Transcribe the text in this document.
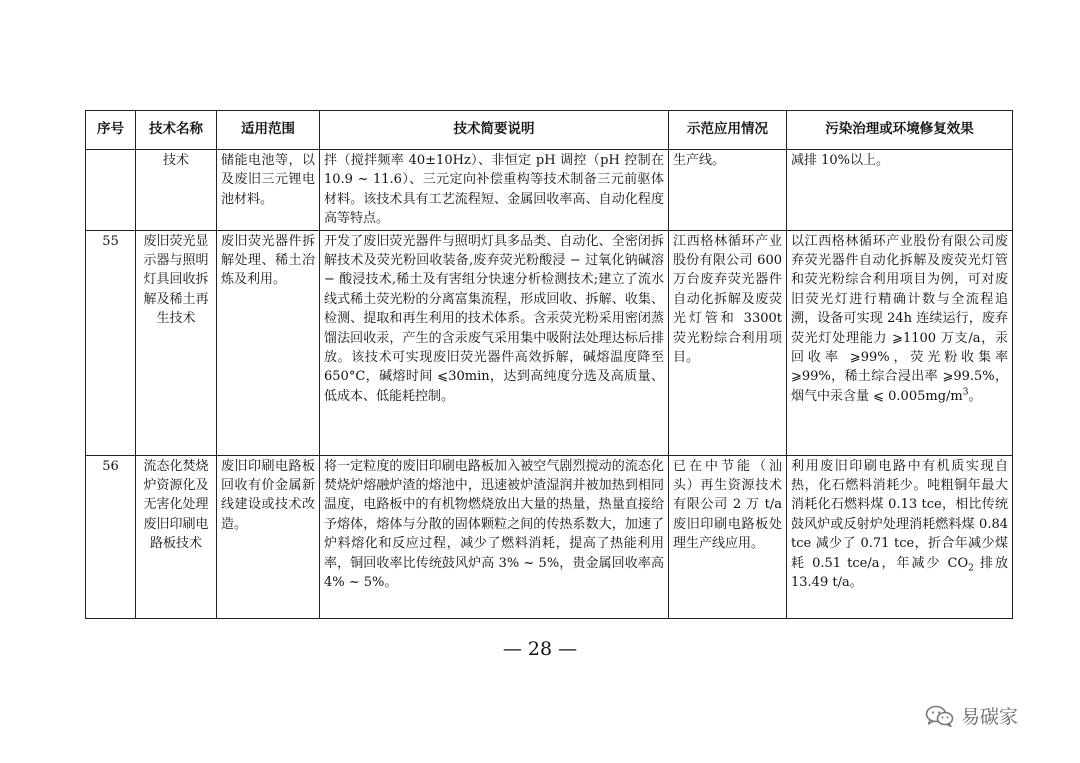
序号	技术名称	适用范围	技术简要说明	示范应用情况	污染治理或环境修复效果
	技术	储能电池等，以及废旧三元锂电池材料。	拌（搅拌频率 40±10Hz）、非恒定 pH 调控（pH 控制在 10.9 ~ 11.6）、三元定向补偿重构等技术制备三元前驱体材料。该技术具有工艺流程短、金属回收率高、自动化程度高等特点。	生产线。	减排 10%以上。
55	废旧荧光显示器与照明灯具回收拆解及稀土再生技术	废旧荧光器件拆解处理、稀土冶炼及利用。	开发了废旧荧光器件与照明灯具多品类、自动化、全密闭拆解技术及荧光粉回收装备,废弃荧光粉酸浸 − 过氧化钠碱溶 − 酸浸技术,稀土及有害组分快速分析检测技术;建立了流水线式稀土荧光粉的分离富集流程，形成回收、拆解、收集、检测、提取和再生利用的技术体系。含汞荧光粉采用密闭蒸馏法回收汞，产生的含汞废气采用集中吸附法处理达标后排放。该技术可实现废旧荧光器件高效拆解，碱熔温度降至 650°C，碱熔时间 ⩽30min，达到高纯度分选及高质量、低成本、低能耗控制。	江西格林循环产业股份有限公司 600 万台废弃荧光器件自动化拆解及废荧光灯管和 3300t 荧光粉综合利用项目。	以江西格林循环产业股份有限公司废弃荧光器件自动化拆解及废荧光灯管和荧光粉综合利用项目为例，可对废旧荧光灯进行精确计数与全流程追溯，设备可实现 24h 连续运行，废弃荧光灯处理能力 ⩾1100 万支/a，汞回收率 ⩾99%，荧光粉收集率 ⩾99%，稀土综合浸出率 ⩾99.5%，烟气中汞含量 ⩽ $0.005mg/m^3$。
56	流态化焚烧炉资源化及无害化处理废旧印刷电路板技术	废旧印刷电路板回收有价金属新线建设或技术改造。	将一定粒度的废旧印刷电路板加入被空气剧烈搅动的流态化焚烧炉熔融炉渣的熔池中，迅速被炉渣湿润并被加热到相同温度，电路板中的有机物燃烧放出大量的热量，热量直接给予熔体，熔体与分散的固体颗粒之间的传热系数大，加速了炉料熔化和反应过程，减少了燃料消耗，提高了热能利用率，铜回收率比传统鼓风炉高 3% ~ 5%，贵金属回收率高 4% ~ 5%。	已在中节能（汕头）再生资源技术有限公司 2 万 t/a 废旧印刷电路板处理生产线应用。	利用废旧印刷电路中有机质实现自热，化石燃料消耗少。吨粗铜年最大消耗化石燃料煤 0.13 tce，相比传统鼓风炉或反射炉处理消耗燃料煤 0.84 tce 减少了 0.71 tce，折合年减少煤耗 0.51 tce/a，年减少 $CO_2$ 排放 13.49 t/a。
— 28 —
易碳家
